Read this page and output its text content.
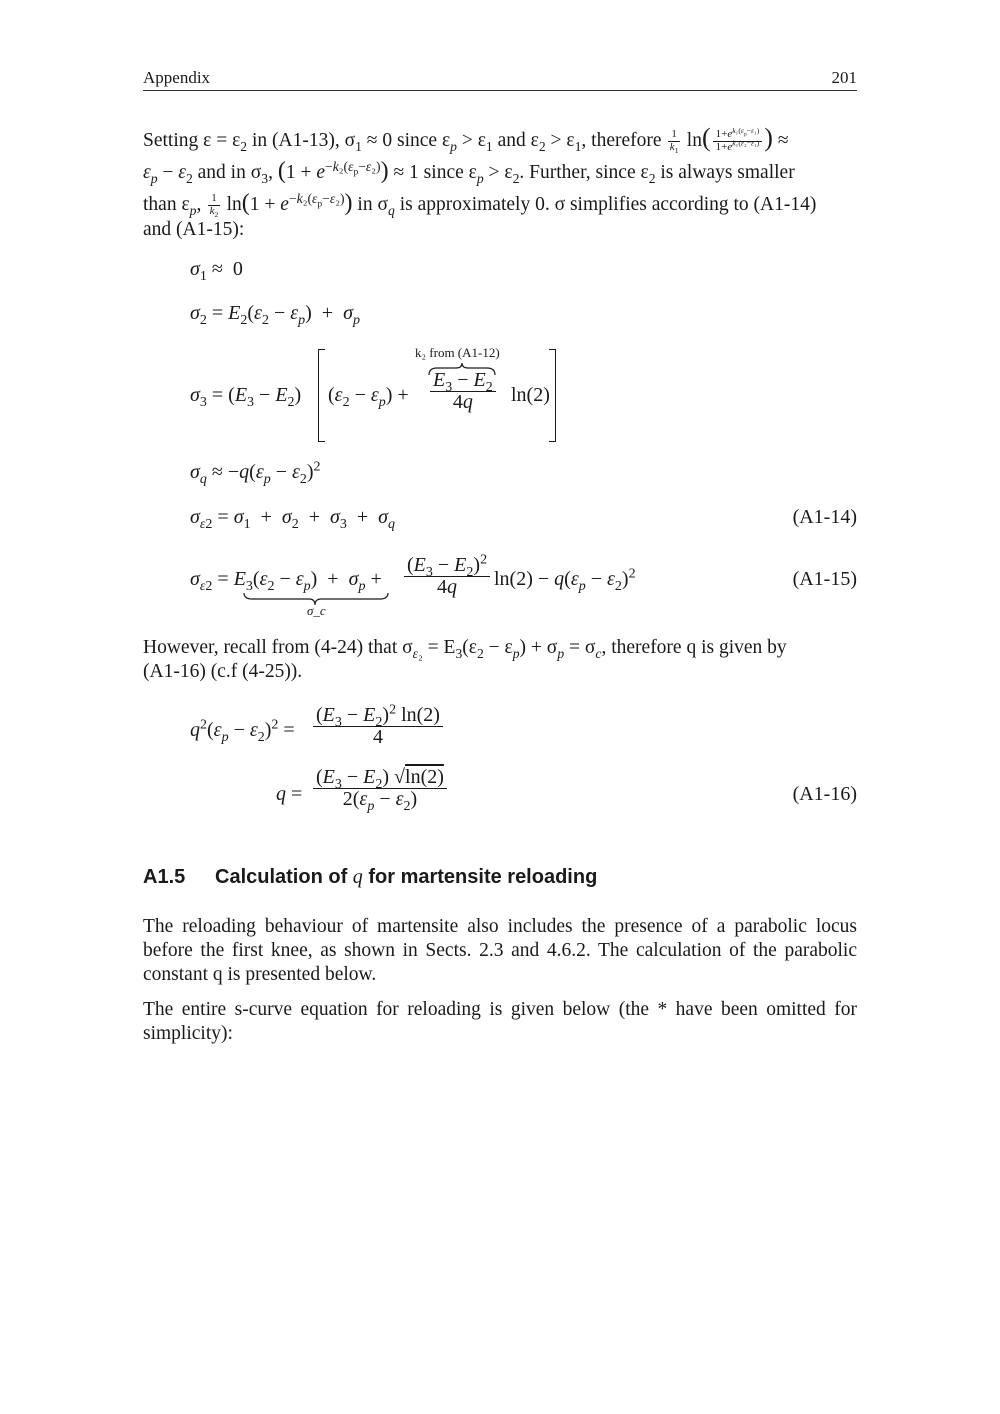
Appendix	201
Setting $\varepsilon = \varepsilon_2$ in (A1-13), $\sigma_1 \approx 0$ since $\varepsilon_p > \varepsilon_1$ and $\varepsilon_2 > \varepsilon_1$, therefore $\frac{1}{k_1} \ln( \frac{1+e^{k_1(\varepsilon_p-\varepsilon_1)}}{1+e^{k_1(\varepsilon_2-\varepsilon_1)}}$ ) ≈
$\varepsilon_p - \varepsilon_2$ and in $\sigma_3$, $(1 + e^{-k_2(\varepsilon_p-\varepsilon_2)}) \approx 1$ since $\varepsilon_p > \varepsilon_2$. Further, since $\varepsilon_2$ is always smaller
than $\varepsilon_p$, $\frac{1}{k_2} \ln(1 + e^{-k_2(\varepsilon_p-\varepsilon_2)})$ in $\sigma_q$ is approximately 0. σ simplifies according to (A1-14)
and (A1-15):
$\sigma_1 \approx 0$
$\sigma_2 = E_2(\varepsilon_2 - \varepsilon_p) + \sigma_p$
$\sigma_3 = (E_3 - E_2) (\varepsilon_2 - \varepsilon_p)$ +
k₂ from (A1-12)
$\frac{E_3 - E_2}{4q} \ln(2)$
$\sigma_q \approx -q(\varepsilon_p - \varepsilon_2)^2$
$\sigma_{\varepsilon 2} = \sigma_1 + \sigma_2 + \sigma_3 + \sigma_q$	(A1-14)
$\sigma_{\varepsilon 2} = E_3(\varepsilon_2 - \varepsilon_p) + \sigma_p + \frac{(E_3 - E_2)^2}{4q} \ln(2) - q(\varepsilon_p - \varepsilon_2)^2$
σ_c
(A1-15)
However, recall from (4-24) that $\sigma_{\varepsilon_2} = E_3(\varepsilon_2 - \varepsilon_p) + \sigma_p = \sigma_c$, therefore q is given by
(A1-16) (c.f (4-25)).
$q^2(\varepsilon_p - \varepsilon_2)^2 = \frac{(E_3 - E_2)^2 \ln(2)}{4}$
$q = \frac{(E_3 - E_2) √\ln(2)}{2(\varepsilon_p - \varepsilon_2)}$	(A1-16)
A1.5 Calculation of q for martensite reloading
The reloading behaviour of martensite also includes the presence of a parabolic locus before the first knee, as shown in Sects. 2.3 and 4.6.2. The calculation of the parabolic constant q is presented below.
The entire s-curve equation for reloading is given below (the * have been omitted for simplicity):
